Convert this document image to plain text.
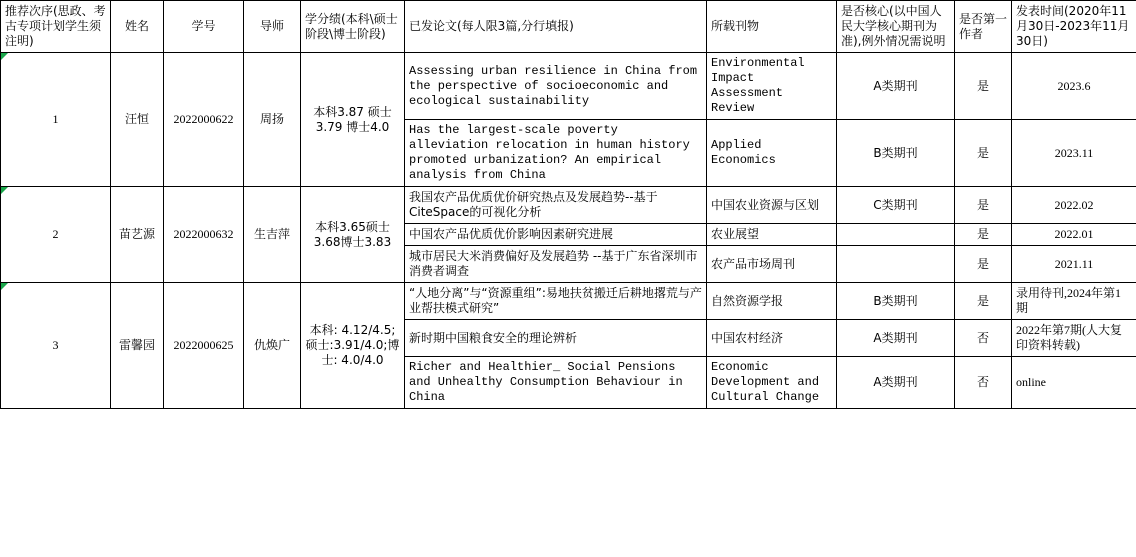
推荐次序(思政、考古专项计划学生须注明)	姓名	学号	导师	学分绩(本科\硕士阶段\博士阶段)	已发论文(每人限3篇,分行填报)	所载刊物	是否核心(以中国人民大学核心期刊为准),例外情况需说明	是否第一作者	发表时间(2020年11月30日-2023年11月30日)
1	汪恒	2022000622	周扬	本科3.87 硕士3.79 博士4.0	Assessing urban resilience in China from the perspective of socioeconomic and ecological sustainability	Environmental Impact Assessment Review	A类期刊	是	2023.6
					Has the largest-scale poverty alleviation relocation in human history promoted urbanization? An empirical analysis from China	Applied Economics	B类期刊	是	2023.11
2	苗艺源	2022000632	生吉萍	本科3.65硕士3.68博士3.83	我国农产品优质优价研究热点及发展趋势--基于CiteSpace的可视化分析	中国农业资源与区划	C类期刊	是	2022.02
					中国农产品优质优价影响因素研究进展	农业展望		是	2022.01
					城市居民大米消费偏好及发展趋势 --基于广东省深圳市消费者调查	农产品市场周刊		是	2021.11
3	雷馨园	2022000625	仇焕广	本科: 4.12/4.5;硕士:3.91/4.0;博士: 4.0/4.0	“人地分离”与“资源重组”:易地扶贫搬迁后耕地撂荒与产业帮扶模式研究”	自然资源学报	B类期刊	是	录用待刊,2024年第1期
					新时期中国粮食安全的理论辨析	中国农村经济	A类期刊	否	2022年第7期(人大复印资料转载)
					Richer and Healthier_ Social Pensions and Unhealthy Consumption Behaviour in China	Economic Development and Cultural Change	A类期刊	否	online
